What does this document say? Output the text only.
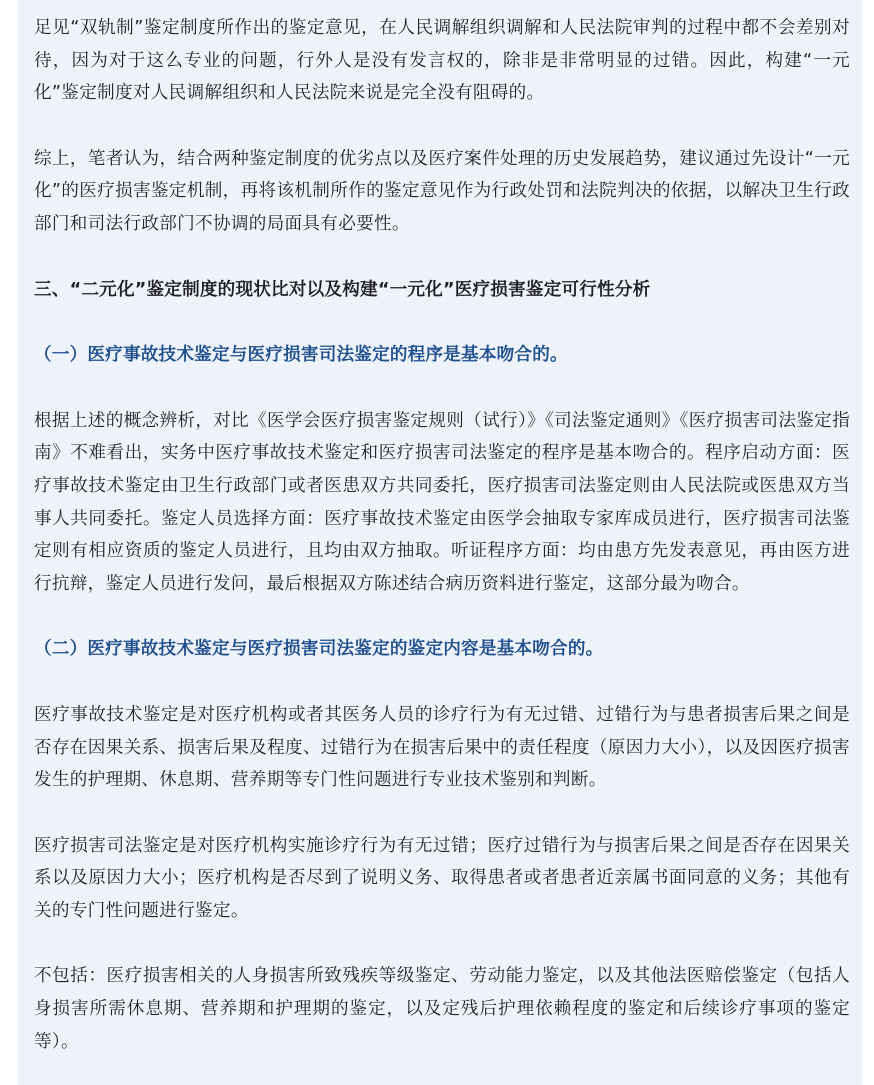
足见“双轨制”鉴定制度所作出的鉴定意见，在人民调解组织调解和人民法院审判的过程中都不会差别对待，因为对于这么专业的问题，行外人是没有发言权的，除非是非常明显的过错。因此，构建“一元化”鉴定制度对人民调解组织和人民法院来说是完全没有阻碍的。

综上，笔者认为，结合两种鉴定制度的优劣点以及医疗案件处理的历史发展趋势，建议通过先设计“一元化”的医疗损害鉴定机制，再将该机制所作的鉴定意见作为行政处罚和法院判决的依据，以解决卫生行政部门和司法行政部门不协调的局面具有必要性。

三、“二元化”鉴定制度的现状比对以及构建“一元化”医疗损害鉴定可行性分析

（一）医疗事故技术鉴定与医疗损害司法鉴定的程序是基本吻合的。

根据上述的概念辨析，对比《医学会医疗损害鉴定规则（试行）》《司法鉴定通则》《医疗损害司法鉴定指南》不难看出，实务中医疗事故技术鉴定和医疗损害司法鉴定的程序是基本吻合的。程序启动方面：医疗事故技术鉴定由卫生行政部门或者医患双方共同委托，医疗损害司法鉴定则由人民法院或医患双方当事人共同委托。鉴定人员选择方面：医疗事故技术鉴定由医学会抽取专家库成员进行，医疗损害司法鉴定则有相应资质的鉴定人员进行，且均由双方抽取。听证程序方面：均由患方先发表意见，再由医方进行抗辩，鉴定人员进行发问，最后根据双方陈述结合病历资料进行鉴定，这部分最为吻合。

（二）医疗事故技术鉴定与医疗损害司法鉴定的鉴定内容是基本吻合的。

医疗事故技术鉴定是对医疗机构或者其医务人员的诊疗行为有无过错、过错行为与患者损害后果之间是否存在因果关系、损害后果及程度、过错行为在损害后果中的责任程度（原因力大小），以及因医疗损害发生的护理期、休息期、营养期等专门性问题进行专业技术鉴别和判断。

医疗损害司法鉴定是对医疗机构实施诊疗行为有无过错；医疗过错行为与损害后果之间是否存在因果关系以及原因力大小；医疗机构是否尽到了说明义务、取得患者或者患者近亲属书面同意的义务；其他有关的专门性问题进行鉴定。

不包括：医疗损害相关的人身损害所致残疾等级鉴定、劳动能力鉴定，以及其他法医赔偿鉴定（包括人身损害所需休息期、营养期和护理期的鉴定，以及定残后护理依赖程度的鉴定和后续诊疗事项的鉴定等）。
